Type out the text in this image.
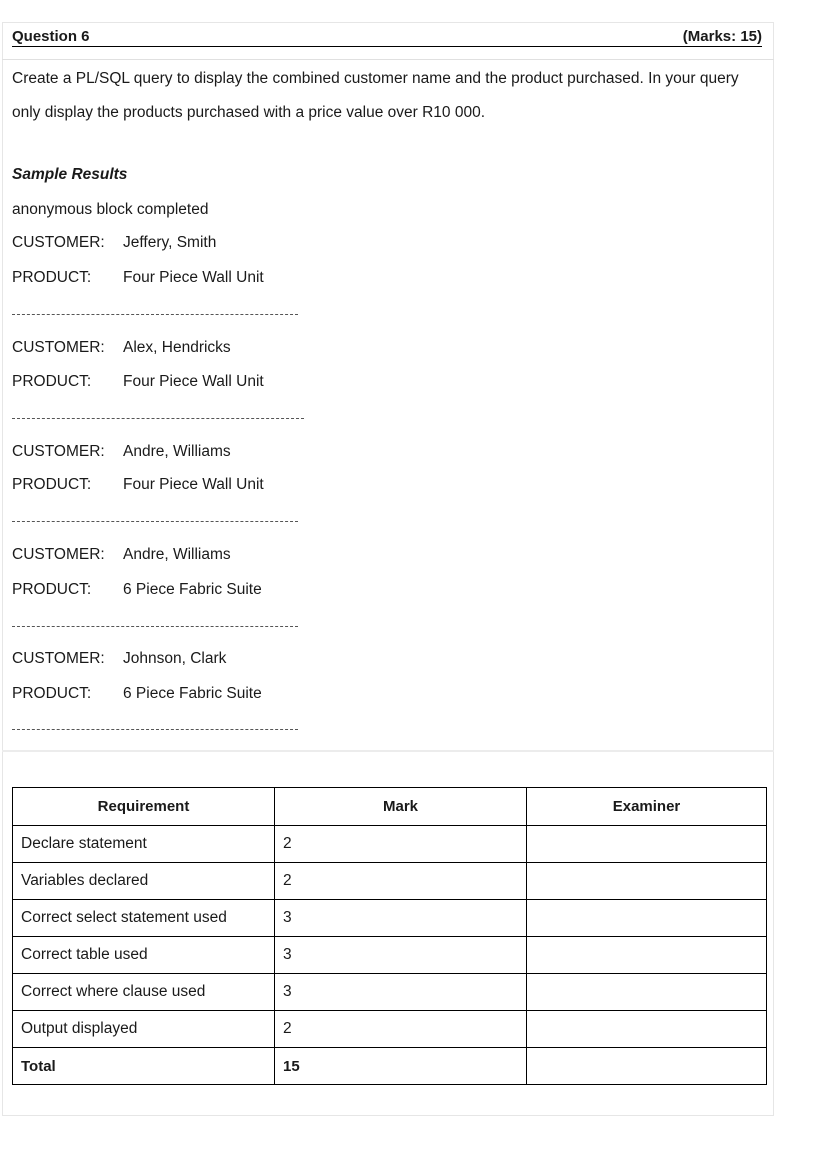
Question 6	(Marks: 15)
Create a PL/SQL query to display the combined customer name and the product purchased. In your query only display the products purchased with a price value over R10 000.
Sample Results
anonymous block completed
CUSTOMER: Jeffery, Smith
PRODUCT: Four Piece Wall Unit
CUSTOMER: Alex, Hendricks
PRODUCT: Four Piece Wall Unit
CUSTOMER: Andre, Williams
PRODUCT: Four Piece Wall Unit
CUSTOMER: Andre, Williams
PRODUCT: 6 Piece Fabric Suite
CUSTOMER: Johnson, Clark
PRODUCT: 6 Piece Fabric Suite
Requirement	Mark	Examiner
Declare statement	2	
Variables declared	2	
Correct select statement used	3	
Correct table used	3	
Correct where clause used	3	
Output displayed	2	
Total	15	
